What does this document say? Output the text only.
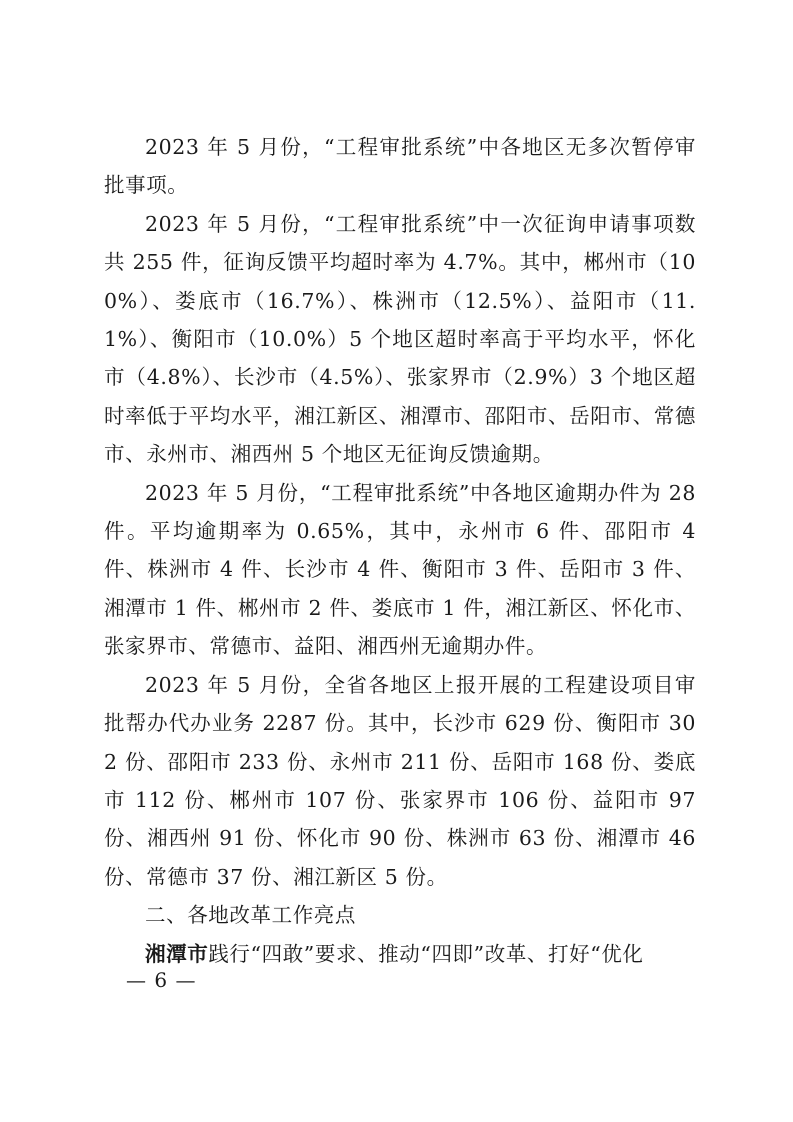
2023 年 5 月份，“工程审批系统”中各地区无多次暂停审批事项。

2023 年 5 月份，“工程审批系统”中一次征询申请事项数共 255 件，征询反馈平均超时率为 4.7%。其中，郴州市（100%）、娄底市（16.7%）、株洲市（12.5%）、益阳市（11.1%）、衡阳市（10.0%）5 个地区超时率高于平均水平，怀化市（4.8%）、长沙市（4.5%）、张家界市（2.9%）3 个地区超时率低于平均水平，湘江新区、湘潭市、邵阳市、岳阳市、常德市、永州市、湘西州 5 个地区无征询反馈逾期。

2023 年 5 月份，“工程审批系统”中各地区逾期办件为 28 件。平均逾期率为 0.65%，其中，永州市 6 件、邵阳市 4 件、株洲市 4 件、长沙市 4 件、衡阳市 3 件、岳阳市 3 件、湘潭市 1 件、郴州市 2 件、娄底市 1 件，湘江新区、怀化市、张家界市、常德市、益阳、湘西州无逾期办件。

2023 年 5 月份，全省各地区上报开展的工程建设项目审批帮办代办业务 2287 份。其中，长沙市 629 份、衡阳市 302 份、邵阳市 233 份、永州市 211 份、岳阳市 168 份、娄底市 112 份、郴州市 107 份、张家界市 106 份、益阳市 97 份、湘西州 91 份、怀化市 90 份、株洲市 63 份、湘潭市 46 份、常德市 37 份、湘江新区 5 份。

二、各地改革工作亮点

湘潭市践行“四敢”要求、推动“四即”改革、打好“优化

— 6 —
